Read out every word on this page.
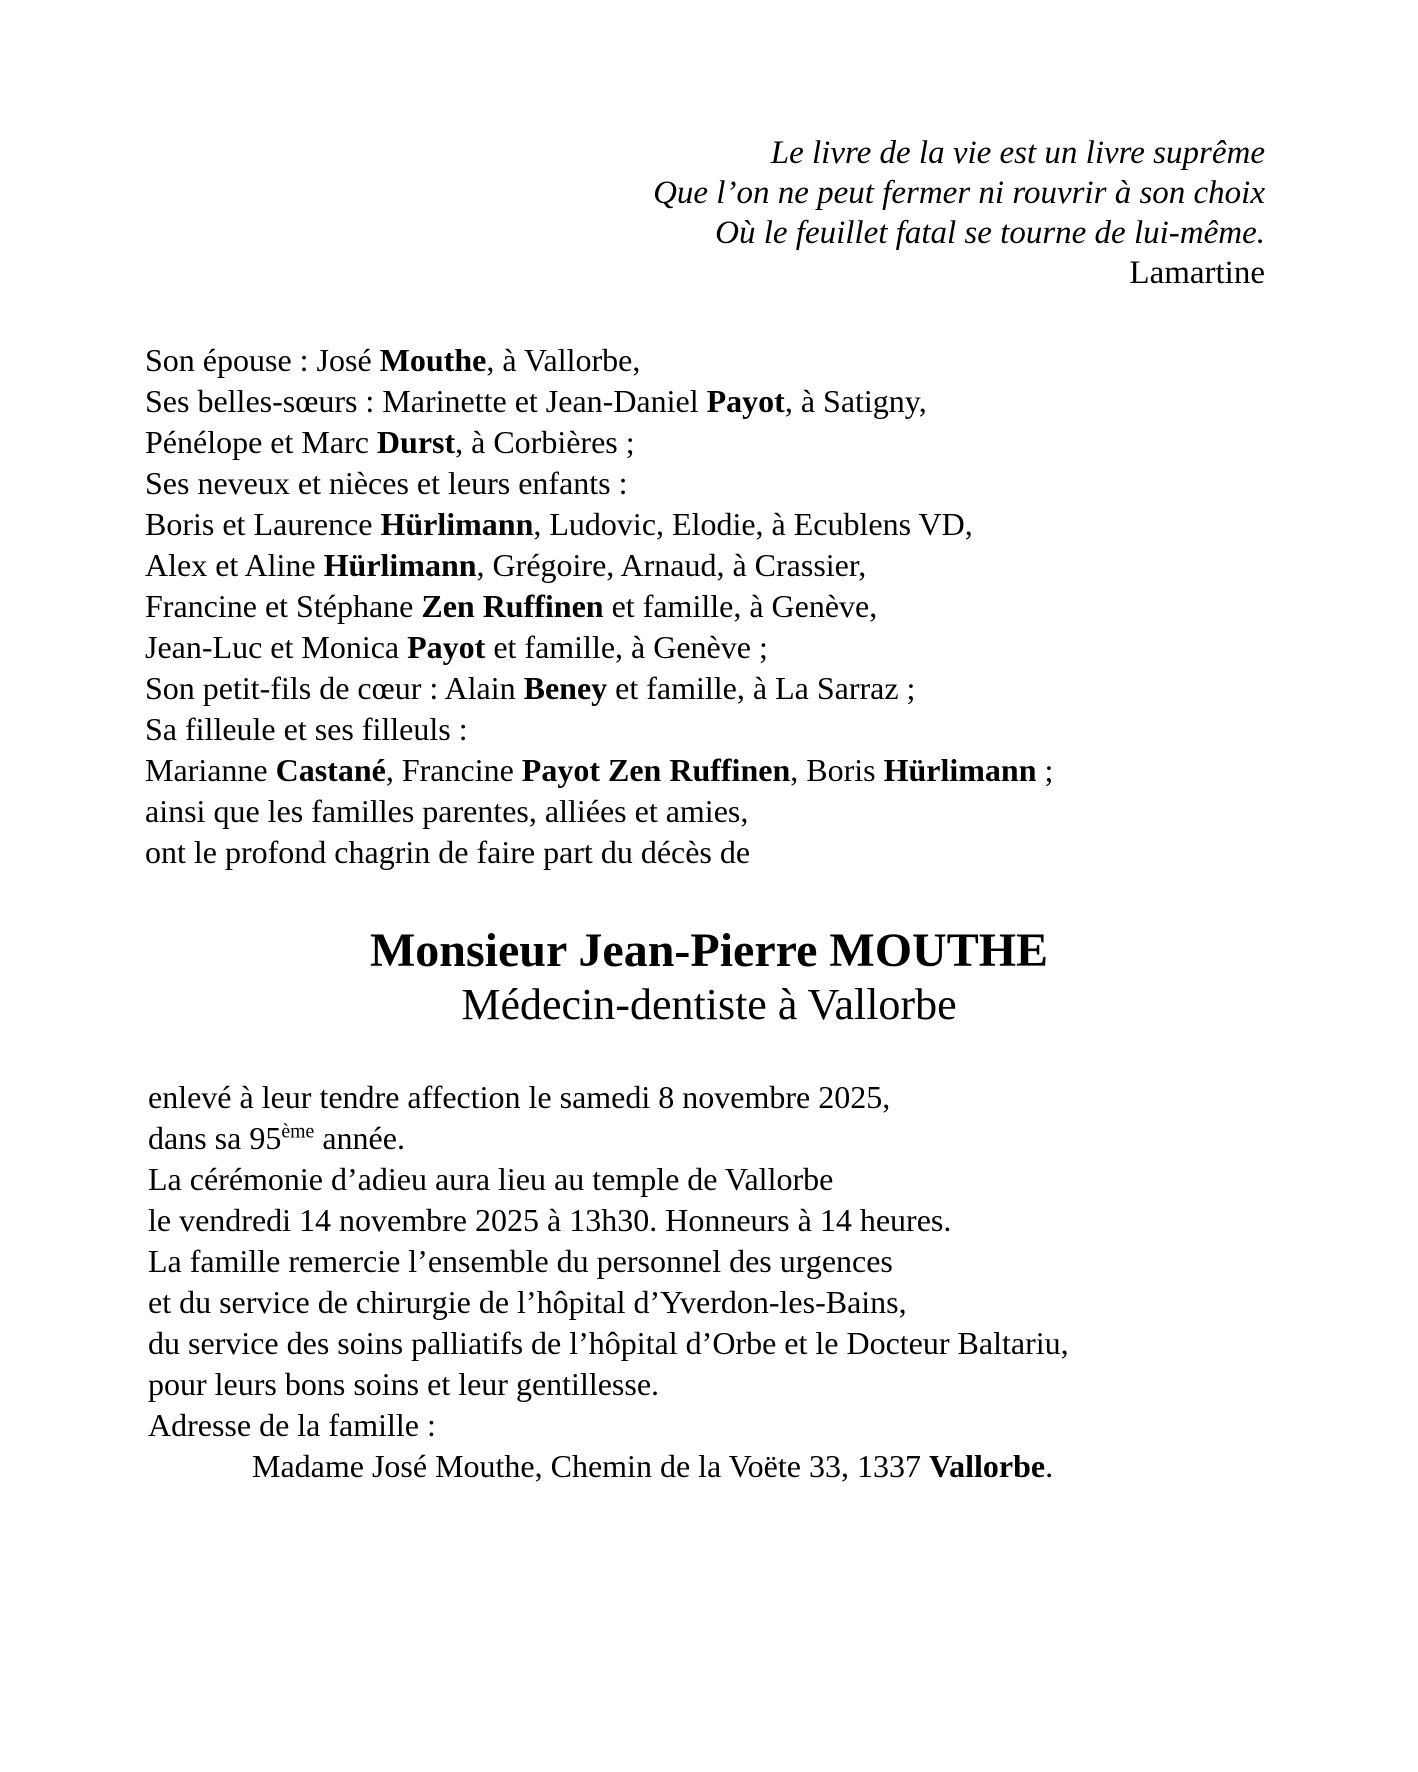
Le livre de la vie est un livre suprême
Que l’on ne peut fermer ni rouvrir à son choix
Où le feuillet fatal se tourne de lui-même.
Lamartine
Son épouse : José Mouthe, à Vallorbe,
Ses belles-sœurs : Marinette et Jean-Daniel Payot, à Satigny,
Pénélope et Marc Durst, à Corbières ;
Ses neveux et nièces et leurs enfants :
Boris et Laurence Hürlimann, Ludovic, Elodie, à Ecublens VD,
Alex et Aline Hürlimann, Grégoire, Arnaud, à Crassier,
Francine et Stéphane Zen Ruffinen et famille, à Genève,
Jean-Luc et Monica Payot et famille, à Genève ;
Son petit-fils de cœur : Alain Beney et famille, à La Sarraz ;
Sa filleule et ses filleuls :
Marianne Castané, Francine Payot Zen Ruffinen, Boris Hürlimann ;
ainsi que les familles parentes, alliées et amies,
ont le profond chagrin de faire part du décès de
Monsieur Jean-Pierre MOUTHE
Médecin-dentiste à Vallorbe
enlevé à leur tendre affection le samedi 8 novembre 2025,
dans sa 95ème année.
La cérémonie d’adieu aura lieu au temple de Vallorbe
le vendredi 14 novembre 2025 à 13h30. Honneurs à 14 heures.
La famille remercie l’ensemble du personnel des urgences
et du service de chirurgie de l’hôpital d’Yverdon-les-Bains,
du service des soins palliatifs de l’hôpital d’Orbe et le Docteur Baltariu,
pour leurs bons soins et leur gentillesse.
Adresse de la famille :
Madame José Mouthe, Chemin de la Voëte 33, 1337 Vallorbe.
